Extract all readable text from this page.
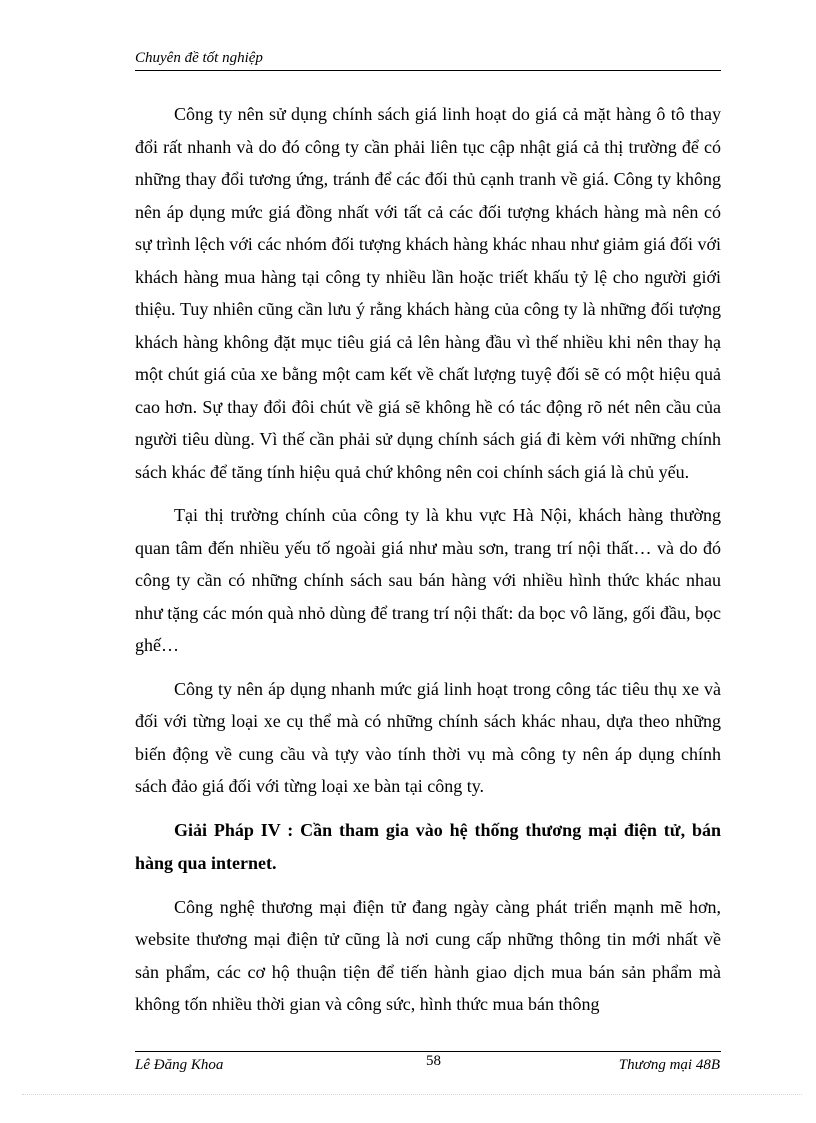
Chuyên đề tốt nghiệp

Công ty nên sử dụng chính sách giá linh hoạt do giá cả mặt hàng ô tô thay đổi rất nhanh và do đó công ty cần phải liên tục cập nhật giá cả thị trường để có những thay đổi tương ứng, tránh để các đối thủ cạnh tranh về giá. Công ty không nên áp dụng mức giá đồng nhất với tất cả các đối tượng khách hàng mà nên có sự trình lệch với các nhóm đối tượng khách hàng khác nhau như giảm giá đối với khách hàng mua hàng tại công ty nhiều lần hoặc triết khấu tỷ lệ cho người giới thiệu. Tuy nhiên cũng cần lưu ý rằng khách hàng của công ty là những đối tượng khách hàng không đặt mục tiêu giá cả lên hàng đầu vì thế nhiều khi nên thay hạ một chút giá của xe bằng một cam kết về chất lượng tuyệ đối sẽ có một hiệu quả cao hơn. Sự thay đổi đôi chút về giá sẽ không hề có tác động rõ nét nên cầu của người tiêu dùng. Vì thế cần phải sử dụng chính sách giá đi kèm với những chính sách khác để tăng tính hiệu quả chứ không nên coi chính sách giá là chủ yếu.

Tại thị trường chính của công ty là khu vực Hà Nội, khách hàng thường quan tâm đến nhiều yếu tố ngoài giá như màu sơn, trang trí nội thất… và do đó công ty cần có những chính sách sau bán hàng với nhiều hình thức khác nhau như tặng các món quà nhỏ dùng để trang trí nội thất: da bọc vô lăng, gối đầu, bọc ghế…

Công ty nên áp dụng nhanh mức giá linh hoạt trong công tác tiêu thụ xe và đối với từng loại xe cụ thể mà có những chính sách khác nhau, dựa theo những biến động về cung cầu và tựy vào tính thời vụ mà công ty nên áp dụng chính sách đảo giá đối với từng loại xe bàn tại công ty.

Giải Pháp IV : Cần tham gia vào hệ thống thương mại điện tử, bán hàng qua internet.

Công nghệ thương mại điện tử đang ngày càng phát triển mạnh mẽ hơn, website thương mại điện tử cũng là nơi cung cấp những thông tin mới nhất về sản phẩm, các cơ hộ thuận tiện để tiến hành giao dịch mua bán sản phẩm mà không tốn nhiều thời gian và công sức, hình thức mua bán thông

Lê Đăng Khoa	58	Thương mại 48B
